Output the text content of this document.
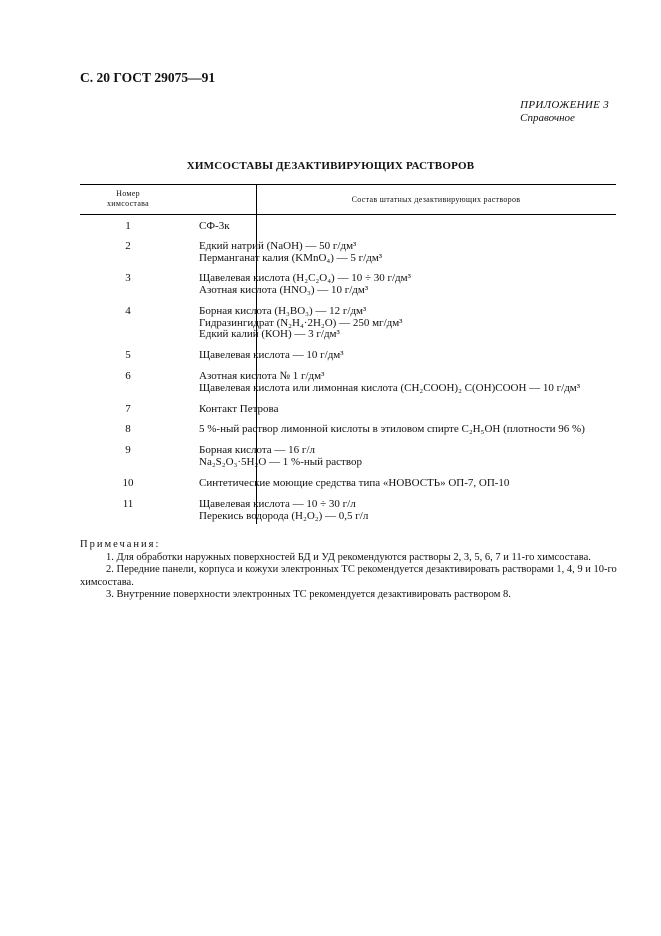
С. 20 ГОСТ 29075—91
ПРИЛОЖЕНИЕ 3
Справочное
ХИМСОСТАВЫ ДЕЗАКТИВИРУЮЩИХ РАСТВОРОВ
Номер
химсостава	Состав штатных дезактивирующих растворов
1	СФ-3к
2	Едкий натрий (NaOH) — 50 г/дм³
Перманганат калия (KMnO₄) — 5 г/дм³
3	Щавелевая кислота (H₂C₂O₄) — 10 ÷ 30 г/дм³
Азотная кислота (HNO₃) — 10 г/дм³
4	Борная кислота (H₃BO₃) — 12 г/дм³
Гидразингидрат (N₂H₄·2H₂O) — 250 мг/дм³
Едкий калий (КОН) — 3 г/дм³
5	Щавелевая кислота — 10 г/дм³
6	Азотная кислота № 1 г/дм³
Щавелевая кислота или лимонная кислота (CH₂COOH)₂ C(OH)COOH — 10 г/дм³
7	Контакт Петрова
8	5 %-ный раствор лимонной кислоты в этиловом спирте C₂H₅OH (плотности 96 %)
9	Борная кислота — 16 г/л
Na₂S₂O₃·5H₂O — 1 %-ный раствор
10	Синтетические моющие средства типа «НОВОСТЬ» ОП-7, ОП-10
11	Щавелевая кислота — 10 ÷ 30 г/л
Перекись водорода (H₂O₂) — 0,5 г/л
Примечания:

1. Для обработки наружных поверхностей БД и УД рекомендуются растворы 2, 3, 5, 6, 7 и 11-го химсостава.

2. Передние панели, корпуса и кожухи электронных ТС рекомендуется дезактивировать растворами 1, 4, 9 и 10-го химсостава.

3. Внутренние поверхности электронных ТС рекомендуется дезактивировать раствором 8.
